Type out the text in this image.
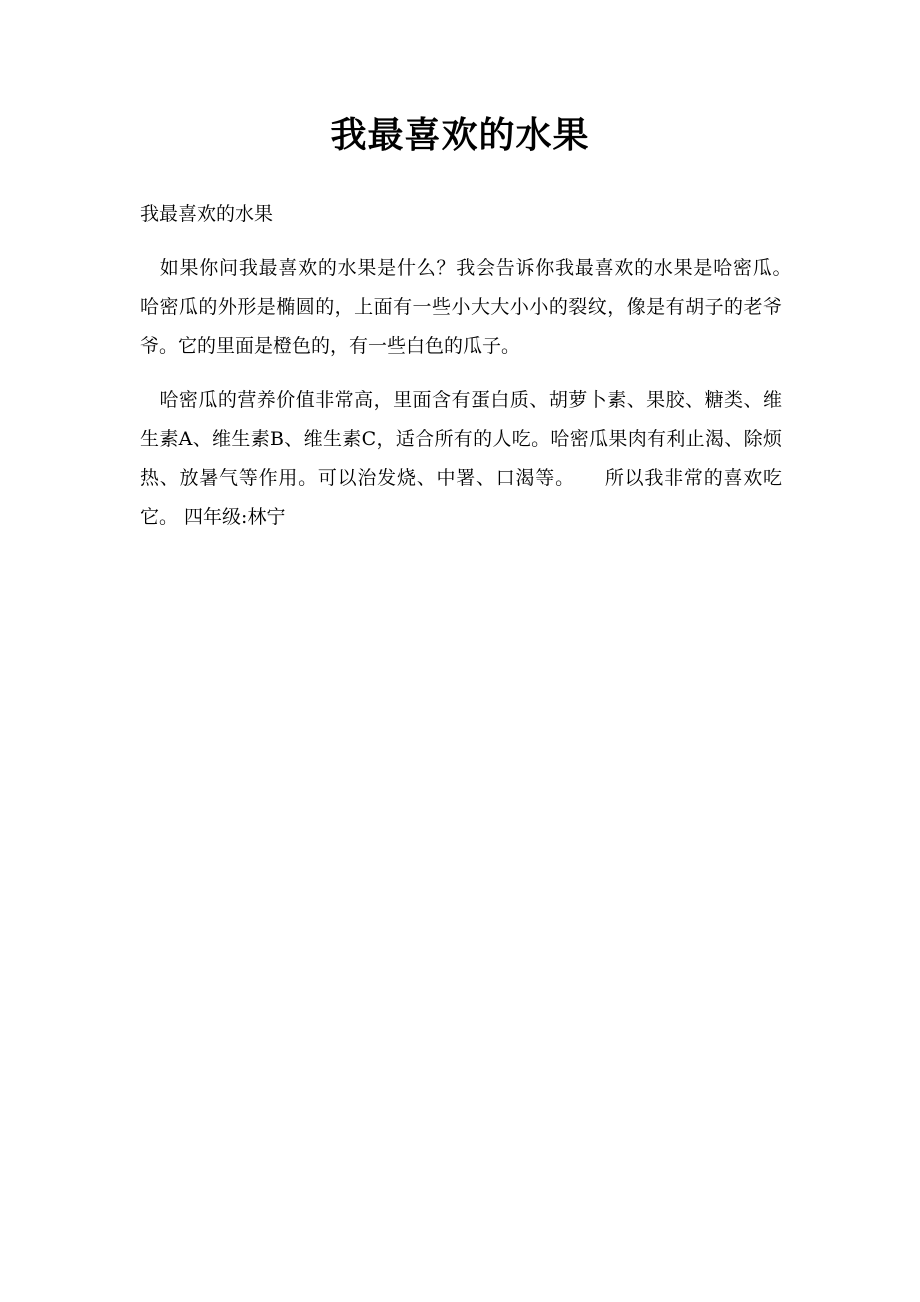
我最喜欢的水果

我最喜欢的水果

　如果你问我最喜欢的水果是什么？我会告诉你我最喜欢的水果是哈密瓜。　　哈密瓜的外形是椭圆的，上面有一些小大大小小的裂纹，像是有胡子的老爷爷。它的里面是橙色的，有一些白色的瓜子。

　哈密瓜的营养价值非常高，里面含有蛋白质、胡萝卜素、果胶、糖类、维生素A、维生素B、维生素C，适合所有的人吃。哈密瓜果肉有利止渴、除烦热、放暑气等作用。可以治发烧、中署、口渴等。　　所以我非常的喜欢吃它。 四年级:林宁
